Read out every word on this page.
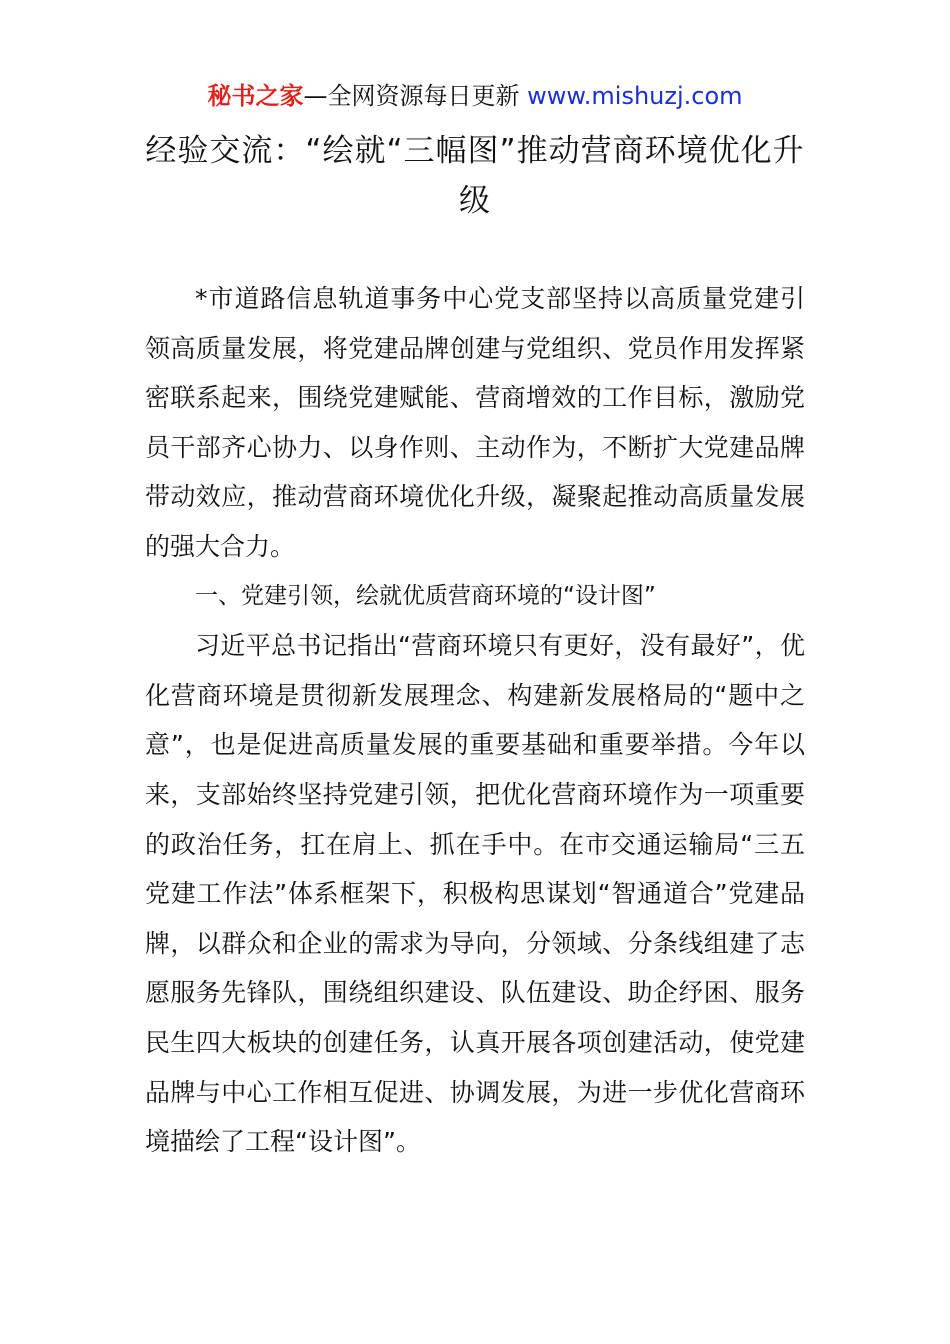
秘书之家—全网资源每日更新 www.mishuzj.com
经验交流：“绘就“三幅图”推动营商环境优化升级

*市道路信息轨道事务中心党支部坚持以高质量党建引领高质量发展，将党建品牌创建与党组织、党员作用发挥紧密联系起来，围绕党建赋能、营商增效的工作目标，激励党员干部齐心协力、以身作则、主动作为，不断扩大党建品牌带动效应，推动营商环境优化升级，凝聚起推动高质量发展的强大合力。

一、党建引领，绘就优质营商环境的“设计图”

习近平总书记指出“营商环境只有更好，没有最好”，优化营商环境是贯彻新发展理念、构建新发展格局的“题中之意”，也是促进高质量发展的重要基础和重要举措。今年以来，支部始终坚持党建引领，把优化营商环境作为一项重要的政治任务，扛在肩上、抓在手中。在市交通运输局“三五党建工作法”体系框架下，积极构思谋划“智通道合”党建品牌，以群众和企业的需求为导向，分领域、分条线组建了志愿服务先锋队，围绕组织建设、队伍建设、助企纾困、服务民生四大板块的创建任务，认真开展各项创建活动，使党建品牌与中心工作相互促进、协调发展，为进一步优化营商环境描绘了工程“设计图”。
